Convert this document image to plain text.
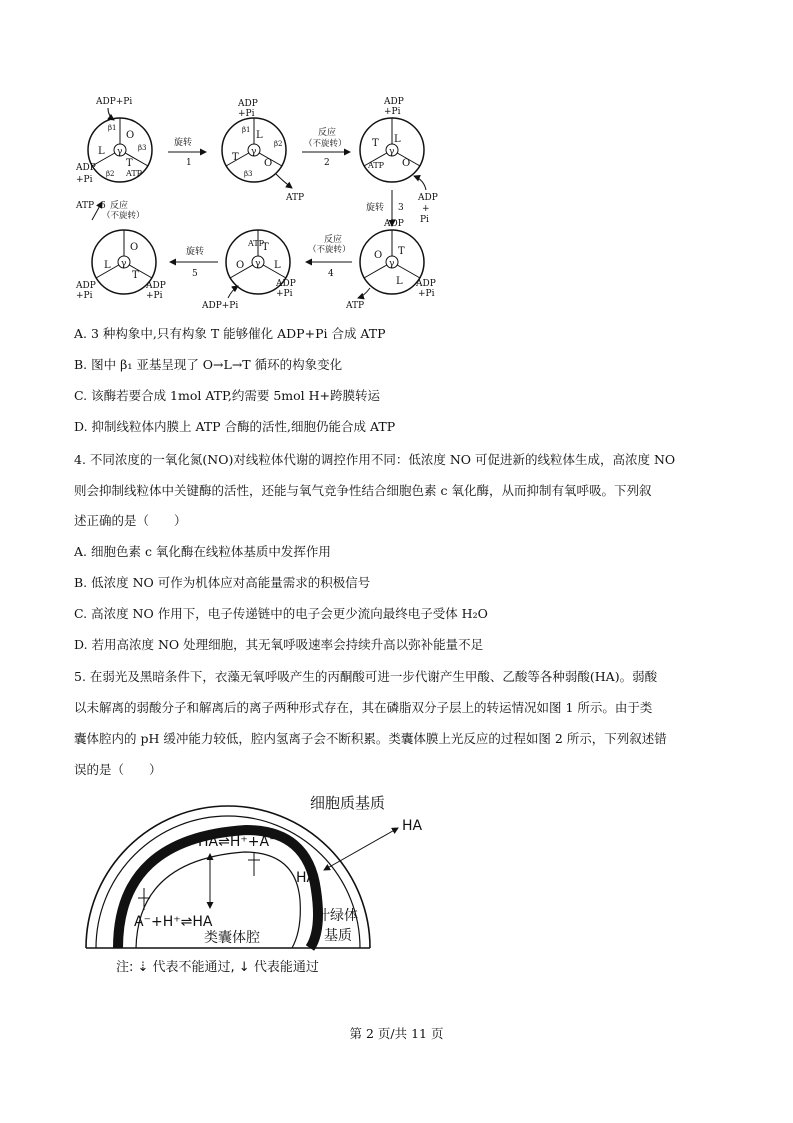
γ
O
L
T
β1
β2
β3
ATP
ADP+Pi
ADP
+Pi
旋转
1
γ
L
T
O
β1
β2
β3
ADP
+Pi
ATP
反应
（不旋转）
2
γ
T L
O
ATP
ADP
+Pi
ADP
+
Pi
旋转 3
γ
O T
L
ADP
ADP
+Pi
ATP
反应
（不旋转）
4
γ
ATP
T
O	L
ADP
+Pi
ADP+Pi
旋转
5
γ
O
L
T
ADP
+Pi
ADP
+Pi
ATP 6 反应
（不旋转）
A. 3 种构象中,只有构象 T 能够催化 ADP+Pi 合成 ATP
B. 图中 β₁ 亚基呈现了 O→L→T 循环的构象变化
C. 该酶若要合成 1mol ATP,约需要 5mol H+跨膜转运
D. 抑制线粒体内膜上 ATP 合酶的活性,细胞仍能合成 ATP
4. 不同浓度的一氧化氮(NO)对线粒体代谢的调控作用不同：低浓度 NO 可促进新的线粒体生成，高浓度 NO
则会抑制线粒体中关键酶的活性，还能与氧气竞争性结合细胞色素 c 氧化酶，从而抑制有氧呼吸。下列叙
述正确的是（　　）
A. 细胞色素 c 氧化酶在线粒体基质中发挥作用
B. 低浓度 NO 可作为机体应对高能量需求的积极信号
C. 高浓度 NO 作用下，电子传递链中的电子会更少流向最终电子受体 H₂O
D. 若用高浓度 NO 处理细胞，其无氧呼吸速率会持续升高以弥补能量不足
5. 在弱光及黑暗条件下，衣藻无氧呼吸产生的丙酮酸可进一步代谢产生甲酸、乙酸等各种弱酸(HA)。弱酸
以未解离的弱酸分子和解离后的离子两种形式存在，其在磷脂双分子层上的转运情况如图 1 所示。由于类
囊体腔内的 pH 缓冲能力较低，腔内氢离子会不断积累。类囊体膜上光反应的过程如图 2 所示，下列叙述错
误的是（　　）
细胞质基质
HA
HA
HA⇌H⁺+A⁻
A⁻+H⁺⇌HA
类囊体腔
叶绿体
基质
注: ⇣ 代表不能通过, ↓ 代表能通过
第 2 页/共 11 页
